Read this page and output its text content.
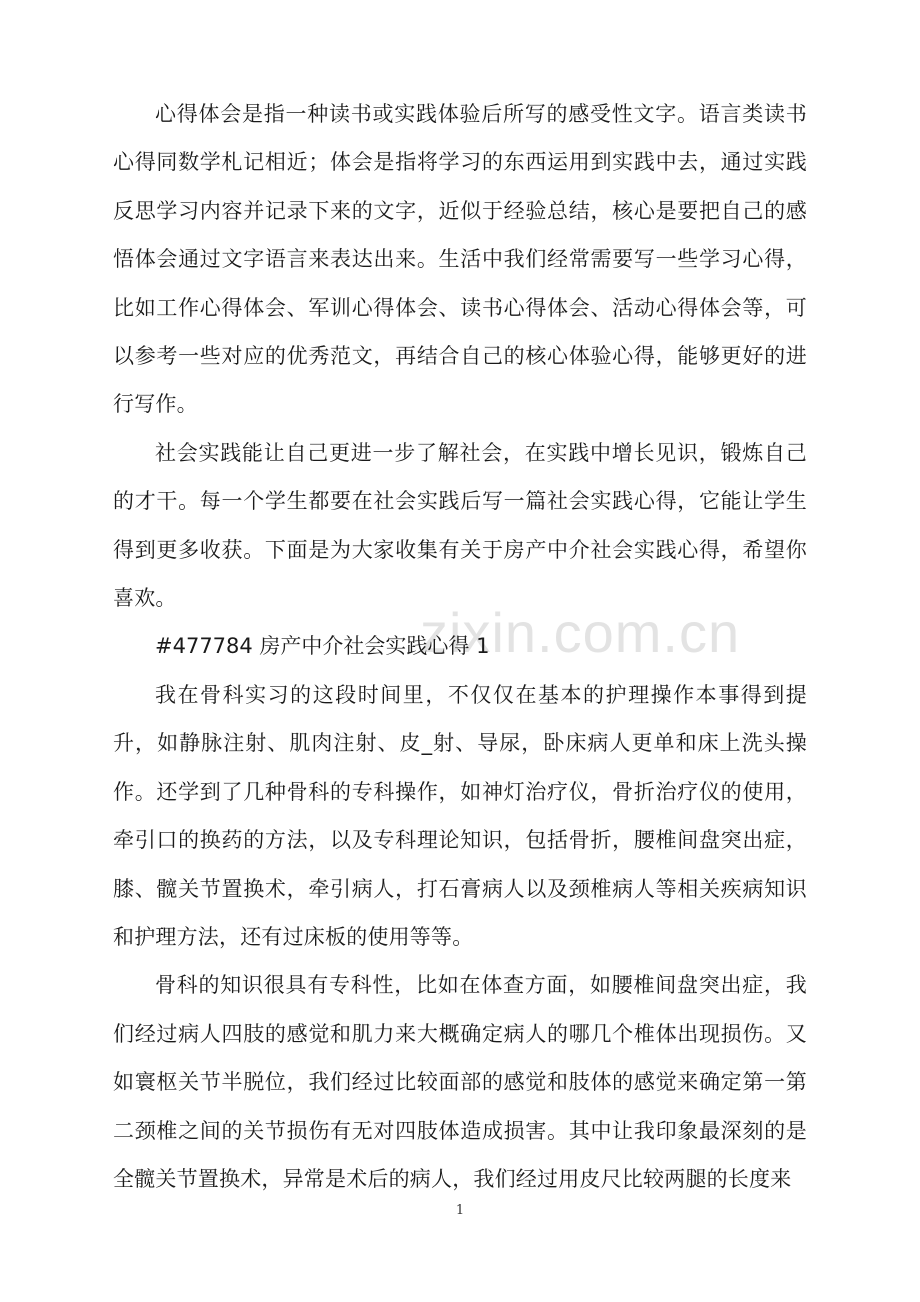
zixin.com.cn

心得体会是指一种读书或实践体验后所写的感受性文字。语言类读书心得同数学札记相近；体会是指将学习的东西运用到实践中去，通过实践反思学习内容并记录下来的文字，近似于经验总结，核心是要把自己的感悟体会通过文字语言来表达出来。生活中我们经常需要写一些学习心得，比如工作心得体会、军训心得体会、读书心得体会、活动心得体会等，可以参考一些对应的优秀范文，再结合自己的核心体验心得，能够更好的进行写作。

社会实践能让自己更进一步了解社会，在实践中增长见识，锻炼自己的才干。每一个学生都要在社会实践后写一篇社会实践心得，它能让学生得到更多收获。下面是为大家收集有关于房产中介社会实践心得，希望你喜欢。

#477784 房产中介社会实践心得 1

我在骨科实习的这段时间里，不仅仅在基本的护理操作本事得到提升，如静脉注射、肌肉注射、皮_射、导尿，卧床病人更单和床上洗头操作。还学到了几种骨科的专科操作，如神灯治疗仪，骨折治疗仪的使用，牵引口的换药的方法，以及专科理论知识，包括骨折，腰椎间盘突出症，膝、髋关节置换术，牵引病人，打石膏病人以及颈椎病人等相关疾病知识和护理方法，还有过床板的使用等等。

骨科的知识很具有专科性，比如在体查方面，如腰椎间盘突出症，我们经过病人四肢的感觉和肌力来大概确定病人的哪几个椎体出现损伤。又如寰枢关节半脱位，我们经过比较面部的感觉和肢体的感觉来确定第一第二颈椎之间的关节损伤有无对四肢体造成损害。其中让我印象最深刻的是全髋关节置换术，异常是术后的病人，我们经过用皮尺比较两腿的长度来

1
